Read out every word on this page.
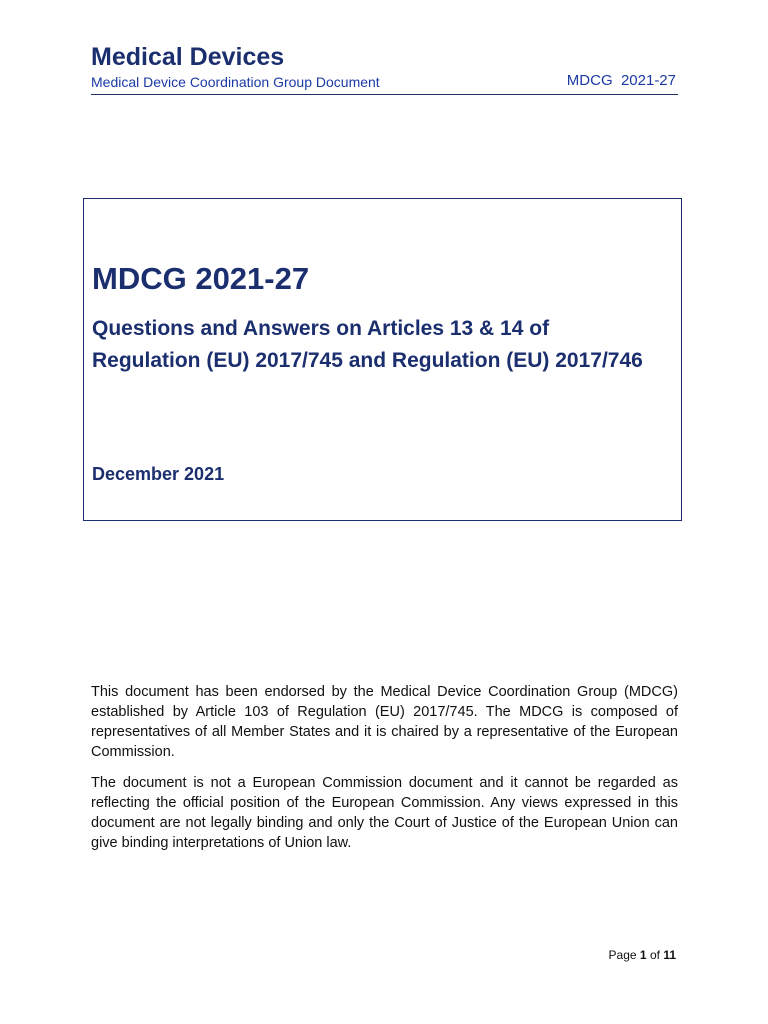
Medical Devices
Medical Device Coordination Group Document	MDCG  2021-27
MDCG 2021-27
Questions and Answers on Articles 13 & 14 of Regulation (EU) 2017/745 and Regulation (EU) 2017/746
December 2021

This document has been endorsed by the Medical Device Coordination Group (MDCG) established by Article 103 of Regulation (EU) 2017/745. The MDCG is composed of representatives of all Member States and it is chaired by a representative of the European Commission.

The document is not a European Commission document and it cannot be regarded as reflecting the official position of the European Commission. Any views expressed in this document are not legally binding and only the Court of Justice of the European Union can give binding interpretations of Union law.

Page 1 of 11
